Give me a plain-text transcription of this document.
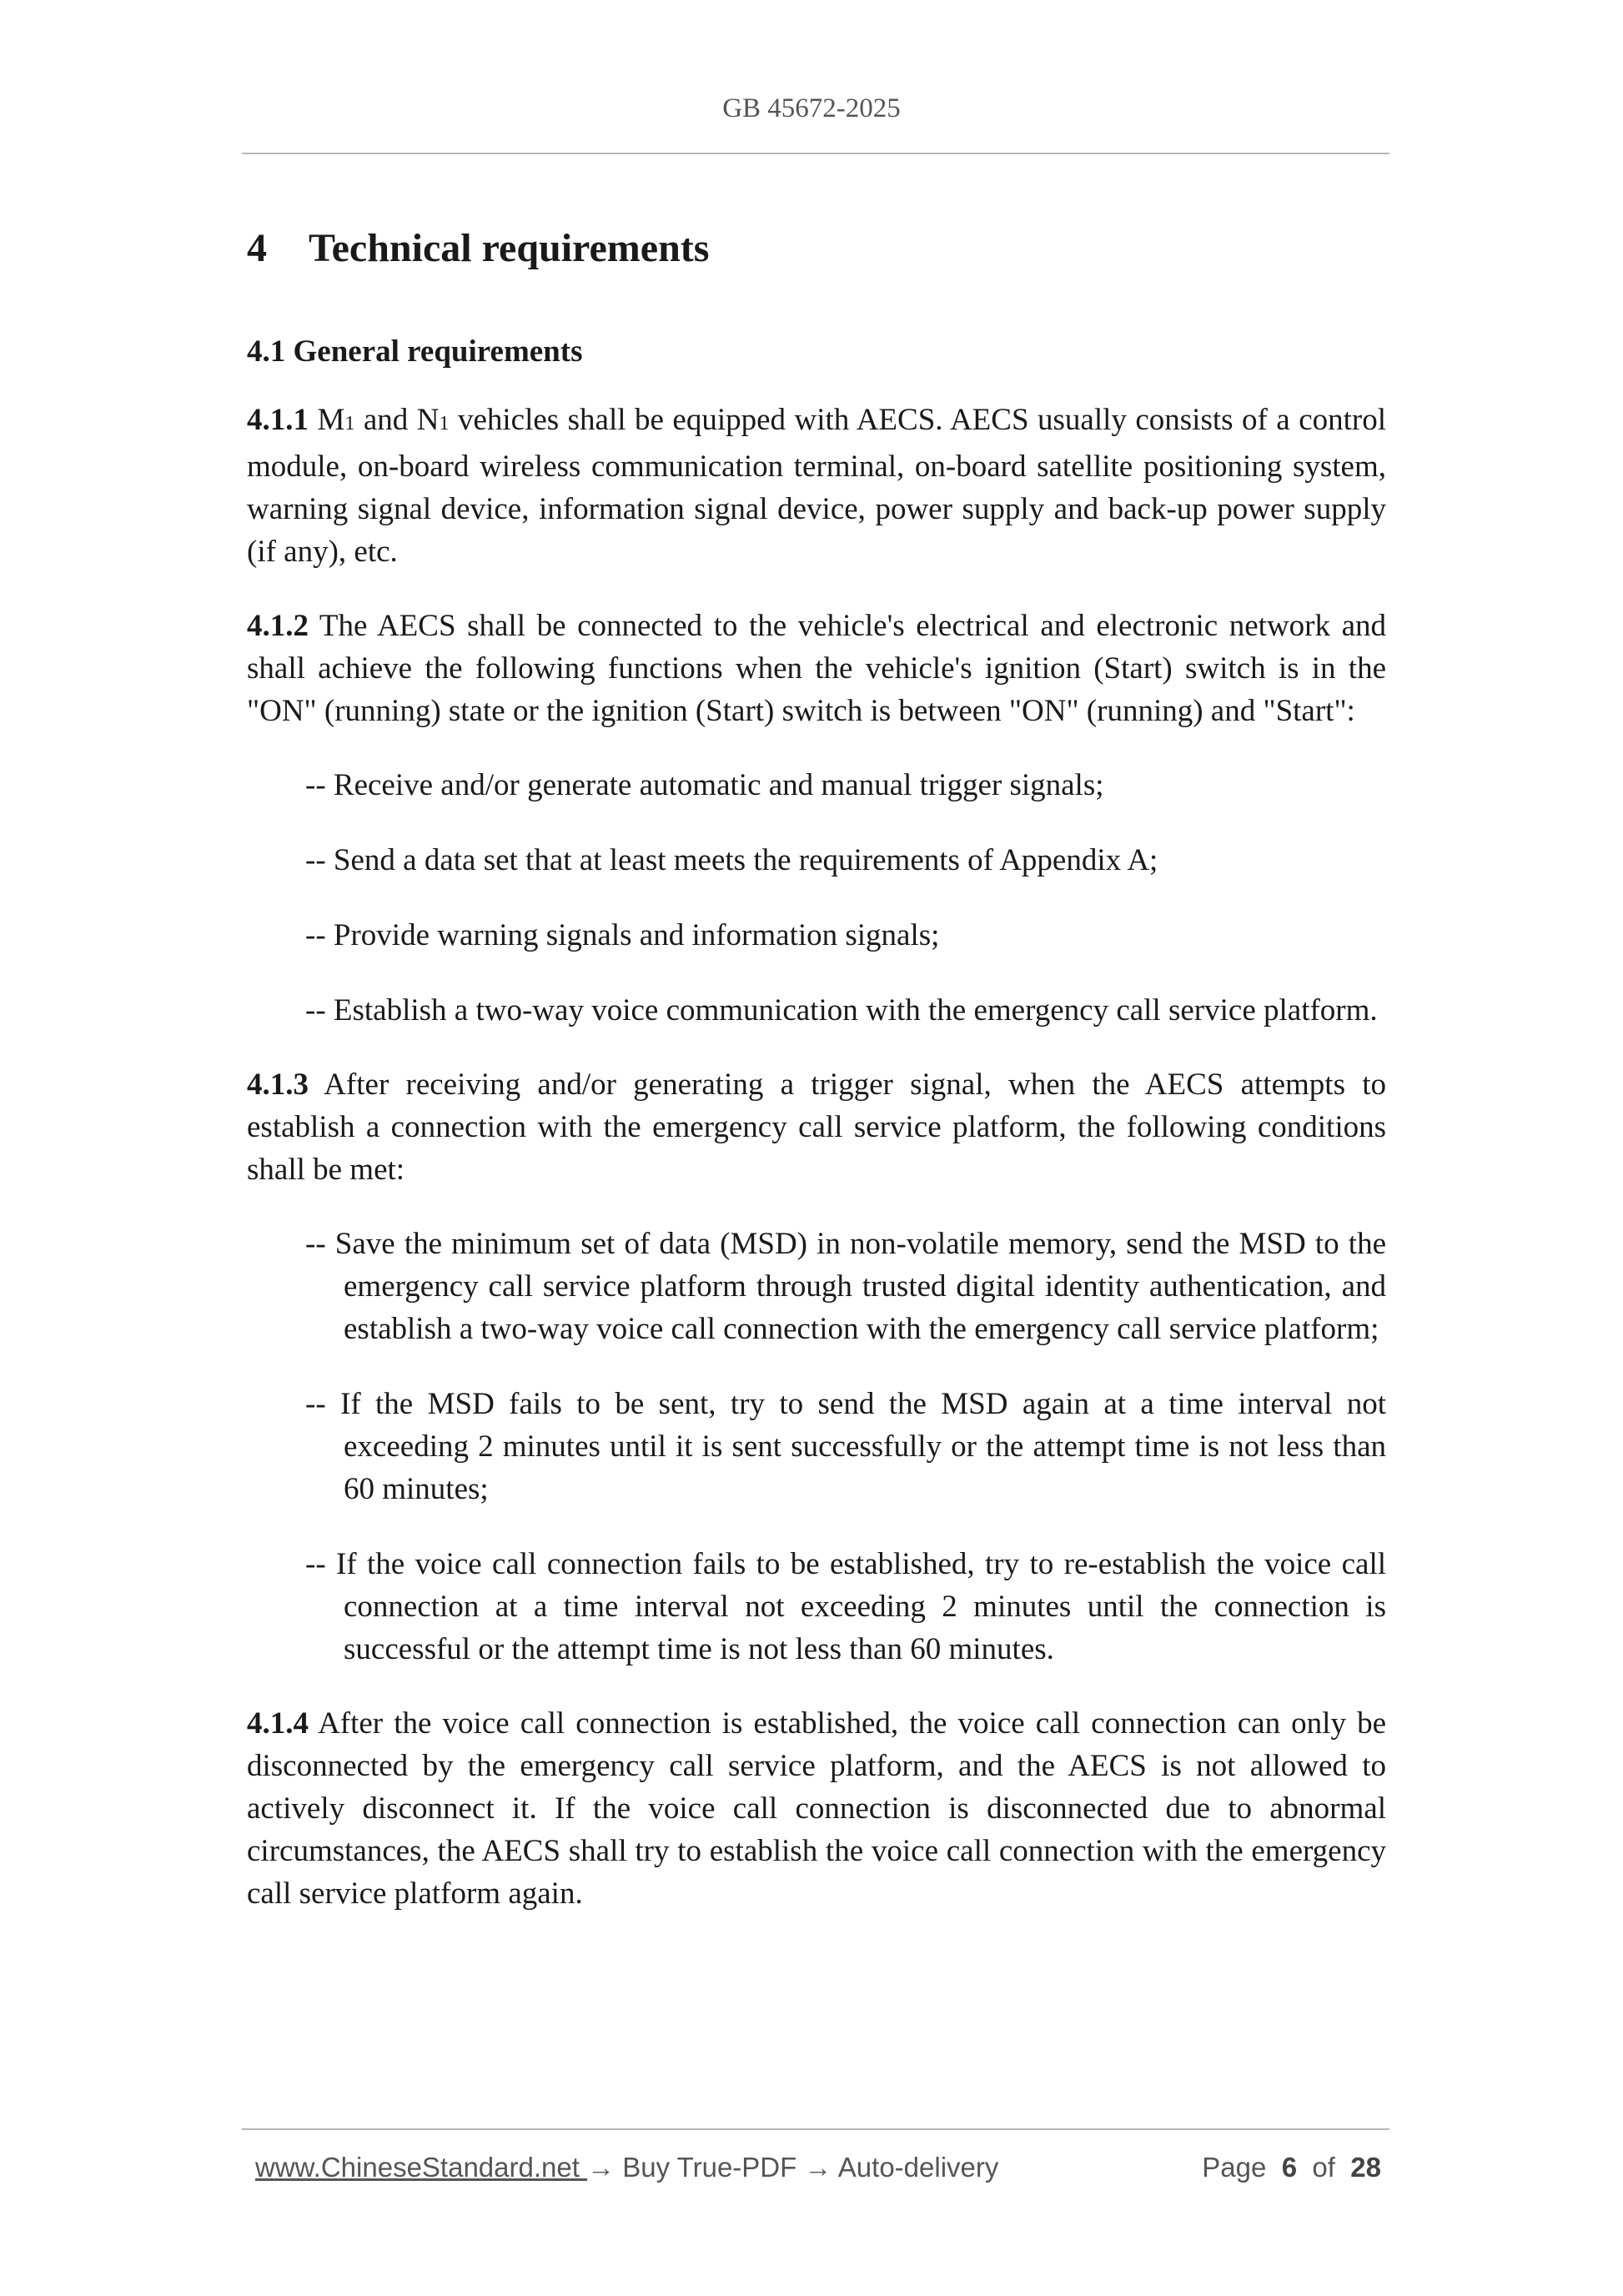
GB 45672-2025
4 Technical requirements
4.1 General requirements

4.1.1 M1 and N1 vehicles shall be equipped with AECS. AECS usually consists of a control module, on-board wireless communication terminal, on-board satellite positioning system, warning signal device, information signal device, power supply and back-up power supply (if any), etc.

4.1.2 The AECS shall be connected to the vehicle's electrical and electronic network and shall achieve the following functions when the vehicle's ignition (Start) switch is in the "ON" (running) state or the ignition (Start) switch is between "ON" (running) and "Start":

-- Receive and/or generate automatic and manual trigger signals;
-- Send a data set that at least meets the requirements of Appendix A;
-- Provide warning signals and information signals;
-- Establish a two-way voice communication with the emergency call service platform.

4.1.3 After receiving and/or generating a trigger signal, when the AECS attempts to establish a connection with the emergency call service platform, the following conditions shall be met:

-- Save the minimum set of data (MSD) in non-volatile memory, send the MSD to the emergency call service platform through trusted digital identity authentication, and establish a two-way voice call connection with the emergency call service platform;
-- If the MSD fails to be sent, try to send the MSD again at a time interval not exceeding 2 minutes until it is sent successfully or the attempt time is not less than 60 minutes;
-- If the voice call connection fails to be established, try to re-establish the voice call connection at a time interval not exceeding 2 minutes until the connection is successful or the attempt time is not less than 60 minutes.

4.1.4 After the voice call connection is established, the voice call connection can only be disconnected by the emergency call service platform, and the AECS is not allowed to actively disconnect it. If the voice call connection is disconnected due to abnormal circumstances, the AECS shall try to establish the voice call connection with the emergency call service platform again.

www.ChineseStandard.net → Buy True-PDF → Auto-delivery	Page 6 of 28
